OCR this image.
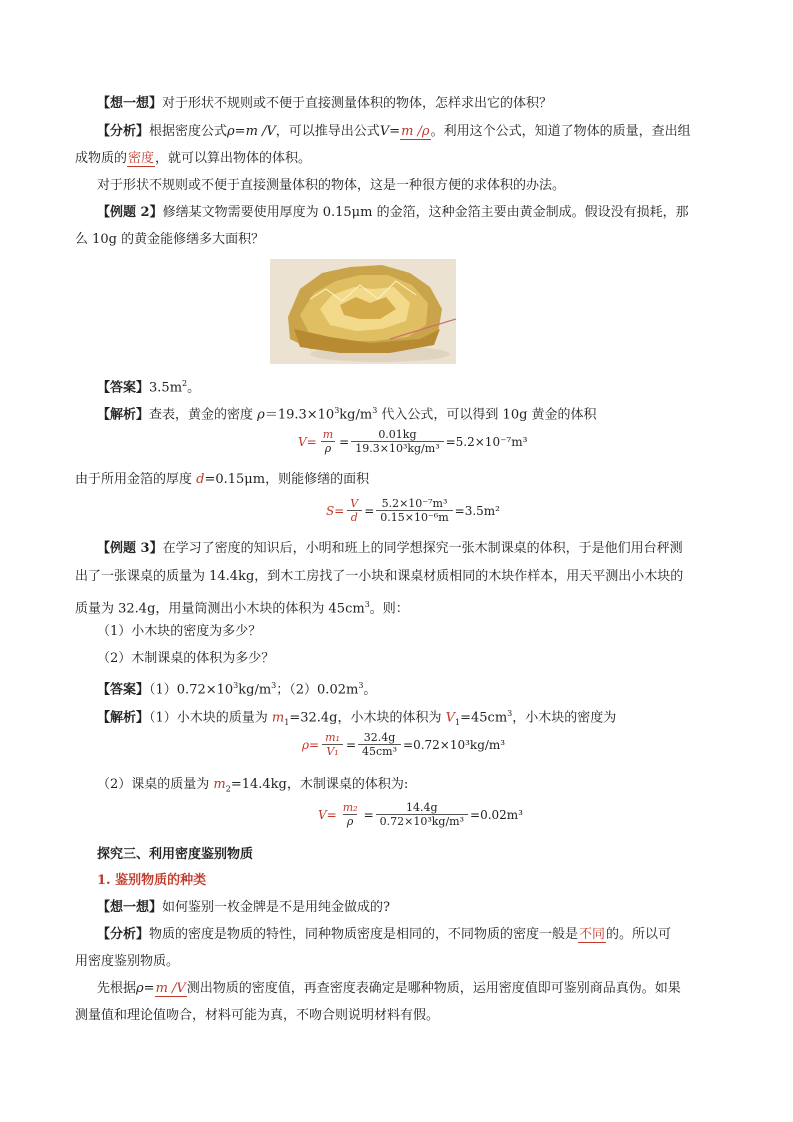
【想一想】对于形状不规则或不便于直接测量体积的物体，怎样求出它的体积？
【分析】根据密度公式ρ=m /V，可以推导出公式V=m /ρ。利用这个公式，知道了物体的质量，查出组
成物质的密度，就可以算出物体的体积。
对于形状不规则或不便于直接测量体积的物体，这是一种很方便的求体积的办法。
【例题 2】修缮某文物需要使用厚度为 0.15μm 的金箔，这种金箔主要由黄金制成。假设没有损耗，那
么 10g 的黄金能修缮多大面积？
【答案】$3.5m^2$。
【解析】查表，黄金的密度 $\rho=19.3\times 10^3kg/m^3$ 代入公式，可以得到 10g 黄金的体积
$V= \frac{m}{\rho} = \frac{0.01kg}{\text{19.3×10³kg/m³}} =5.2\times 10^{-7}m^3$
由于所用金箔的厚度 d=0.15μm，则能修缮的面积
$S= \frac{V}{d} = \frac{\text{5.2×10⁻⁷m³}}{\text{0.15×10⁻⁶m}} =3.5m^2$
【例题 3】在学习了密度的知识后，小明和班上的同学想探究一张木制课桌的体积，于是他们用台秤测
出了一张课桌的质量为 14.4kg，到木工房找了一小块和课桌材质相同的木块作样本，用天平测出小木块的
质量为 32.4g，用量筒测出小木块的体积为 $45cm^3$。则：
（1）小木块的密度为多少？
（2）木制课桌的体积为多少？
【答案】$(1)0.72\times 10^3kg/m^3$；$(2)0.02m^3$。
【解析】（1）小木块的质量为 $m_1=32.4g$，小木块的体积为 $V_1=45cm^3$，小木块的密度为
$\rho= \frac{\text{m₁}}{\text{V₁}} = \frac{32.4g}{\text{45cm³}} =0.72\times 10^3kg/m^3$
（2）课桌的质量为 $m_2=14.4kg$，木制课桌的体积为:
$V= \frac{\text{m₂}}{\rho} = \frac{14.4g}{\text{0.72×10³kg/m³}} =0.02m^3$
探究三、利用密度鉴别物质
1. 鉴别物质的种类
【想一想】如何鉴别一枚金牌是不是用纯金做成的?
【分析】物质的密度是物质的特性，同种物质密度是相同的，不同物质的密度一般是不同的。所以可
用密度鉴别物质。
先根据ρ=m /V测出物质的密度值，再查密度表确定是哪种物质，运用密度值即可鉴别商品真伪。如果
测量值和理论值吻合，材料可能为真，不吻合则说明材料有假。
